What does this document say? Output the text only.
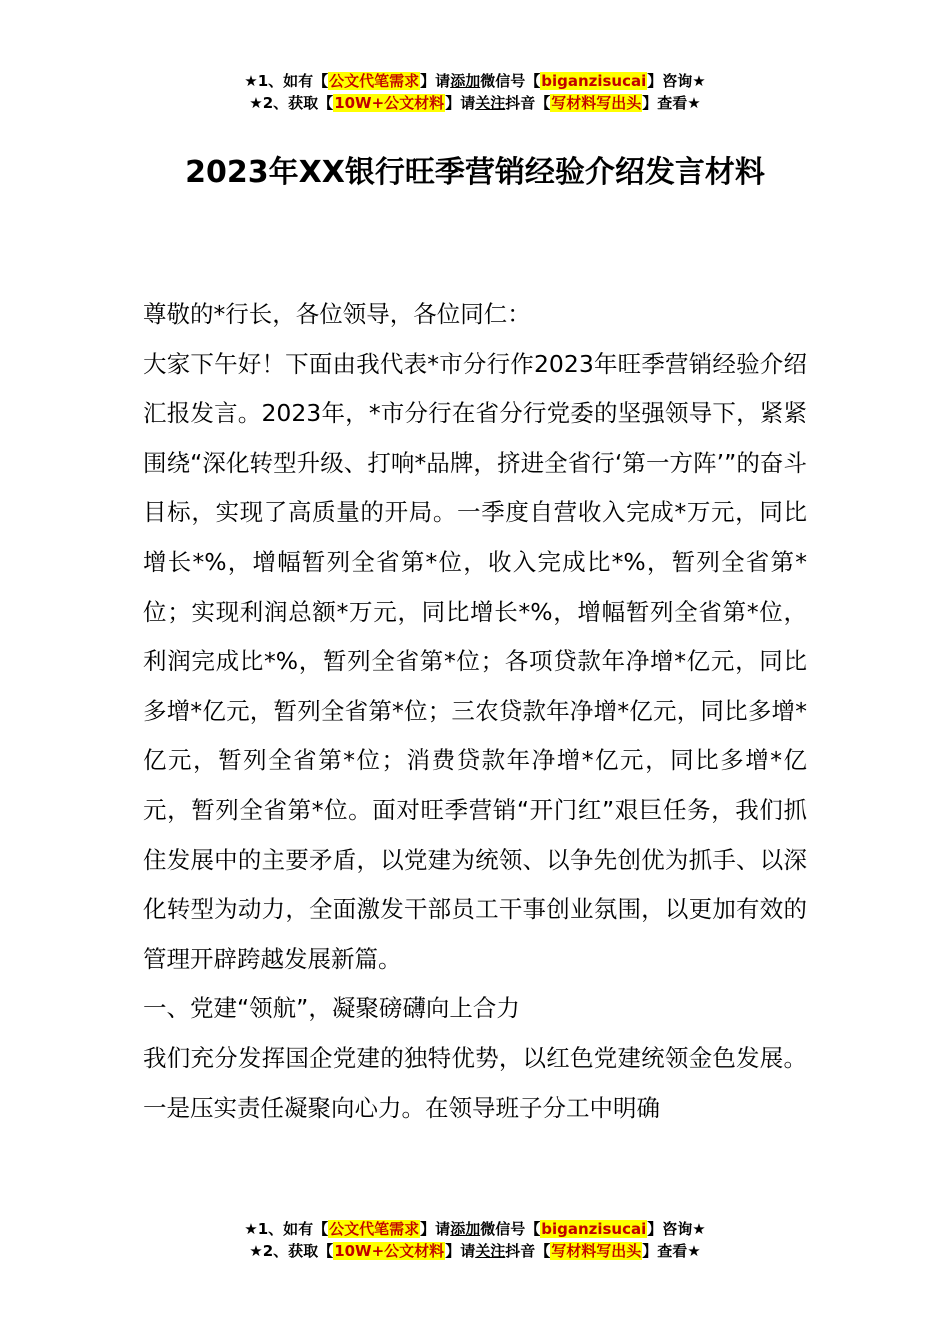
★1、如有【公文代笔需求】请添加微信号【biganzisucai】咨询★
★2、获取【10W+公文材料】请关注抖音【写材料写出头】查看★
2023年XX银行旺季营销经验介绍发言材料

尊敬的*行长，各位领导，各位同仁：

大家下午好！下面由我代表*市分行作2023年旺季营销经验介绍汇报发言。2023年，*市分行在省分行党委的坚强领导下，紧紧围绕“深化转型升级、打响*品牌，挤进全省行‘第一方阵’”的奋斗目标，实现了高质量的开局。一季度自营收入完成*万元，同比增长*%，增幅暂列全省第*位，收入完成比*%，暂列全省第*位；实现利润总额*万元，同比增长*%，增幅暂列全省第*位，利润完成比*%，暂列全省第*位；各项贷款年净增*亿元，同比多增*亿元，暂列全省第*位；三农贷款年净增*亿元，同比多增*亿元，暂列全省第*位；消费贷款年净增*亿元，同比多增*亿元，暂列全省第*位。面对旺季营销“开门红”艰巨任务，我们抓住发展中的主要矛盾，以党建为统领、以争先创优为抓手、以深化转型为动力，全面激发干部员工干事创业氛围，以更加有效的管理开辟跨越发展新篇。

一、党建“领航”，凝聚磅礴向上合力

我们充分发挥国企党建的独特优势，以红色党建统领金色发展。一是压实责任凝聚向心力。在领导班子分工中明确

★1、如有【公文代笔需求】请添加微信号【biganzisucai】咨询★
★2、获取【10W+公文材料】请关注抖音【写材料写出头】查看★
